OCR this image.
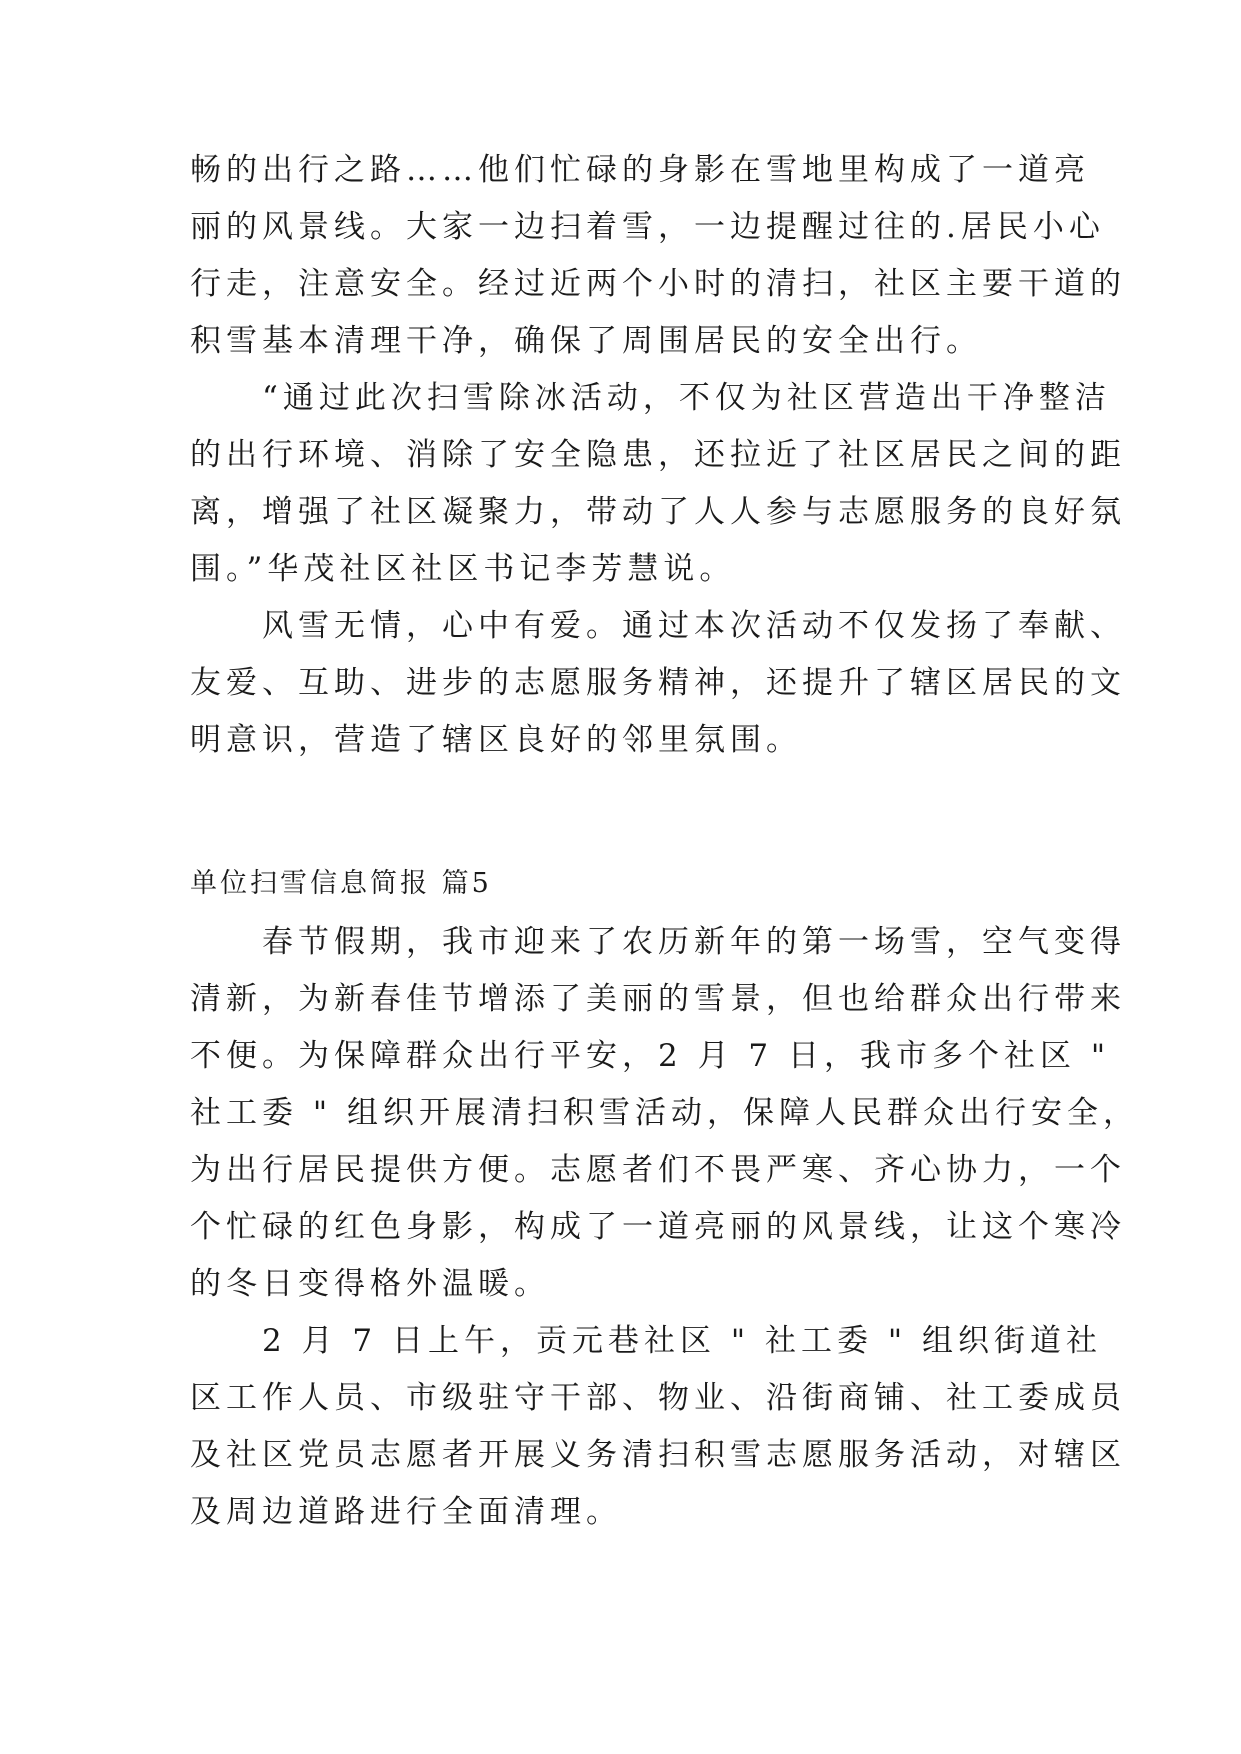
畅的出行之路……他们忙碌的身影在雪地里构成了一道亮
丽的风景线。大家一边扫着雪，一边提醒过往的.居民小心
行走，注意安全。经过近两个小时的清扫，社区主要干道的
积雪基本清理干净，确保了周围居民的安全出行。
　　“通过此次扫雪除冰活动，不仅为社区营造出干净整洁
的出行环境、消除了安全隐患，还拉近了社区居民之间的距
离，增强了社区凝聚力，带动了人人参与志愿服务的良好氛
围。”华茂社区社区书记李芳慧说。
　　风雪无情，心中有爱。通过本次活动不仅发扬了奉献、
友爱、互助、进步的志愿服务精神，还提升了辖区居民的文
明意识，营造了辖区良好的邻里氛围。
单位扫雪信息简报 篇5
　　春节假期，我市迎来了农历新年的第一场雪，空气变得
清新，为新春佳节增添了美丽的雪景，但也给群众出行带来
不便。为保障群众出行平安，2 月 7 日，我市多个社区 "
社工委 " 组织开展清扫积雪活动，保障人民群众出行安全，
为出行居民提供方便。志愿者们不畏严寒、齐心协力，一个
个忙碌的红色身影，构成了一道亮丽的风景线，让这个寒冷
的冬日变得格外温暖。
　　2 月 7 日上午，贡元巷社区 " 社工委 " 组织街道社
区工作人员、市级驻守干部、物业、沿街商铺、社工委成员
及社区党员志愿者开展义务清扫积雪志愿服务活动，对辖区
及周边道路进行全面清理。
